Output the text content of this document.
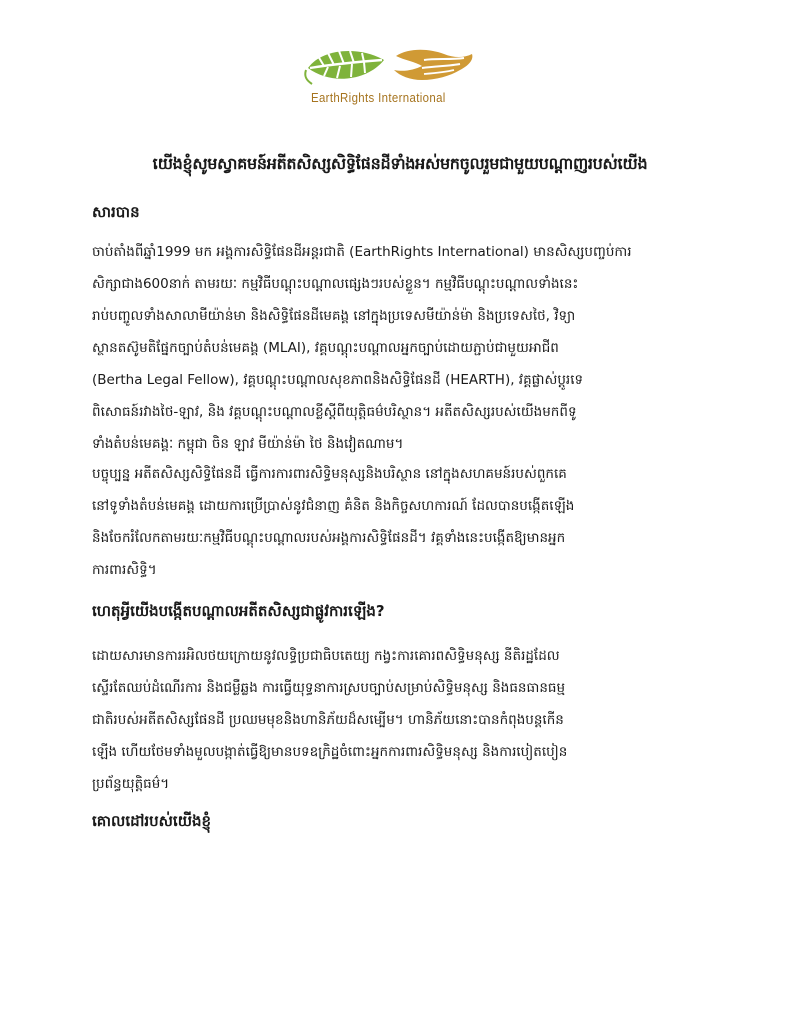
EarthRights International
យើងខ្ញុំសូមស្វាគមន៍អតីតសិស្សសិទ្ធិផែនដីទាំងអស់មកចូលរួមជាមួយបណ្តាញរបស់យើង
សារបាន
ចាប់តាំងពីឆ្នាំ1999 មក អង្គការសិទ្ធិផែនដីអន្តរជាតិ (EarthRights International) មានសិស្សបញ្ចប់ការ
សិក្សាជាង600នាក់ តាមរយៈ កម្មវិធីបណ្តុះបណ្តាលផ្សេងៗរបស់ខ្លួន។ កម្មវិធីបណ្តុះបណ្តាលទាំងនេះ
រាប់បញ្ចូលទាំងសាលាមីយ៉ាន់មា និងសិទ្ធិផែនដីមេគង្គ នៅក្នុងប្រទេសមីយ៉ាន់ម៉ា និងប្រទេសថៃ, វិទ្យា
ស្ថានតស៊ូមតិផ្នែកច្បាប់តំបន់មេគង្គ (MLAI), វគ្គបណ្តុះបណ្តាលអ្នកច្បាប់ដោយភ្ជាប់ជាមួយអាជីព
(Bertha Legal Fellow), វគ្គបណ្តុះបណ្តាលសុខភាពនិងសិទ្ធិផែនដី (HEARTH), វគ្គផ្លាស់ប្តូរទេ
ពិសោធន៍រវាងថៃ-ឡាវ, និង វគ្គបណ្តុះបណ្តាលខ្លីស្តីពីយុត្តិធម៌បរិស្ថាន។ អតីតសិស្សរបស់យើងមកពីទូ
ទាំងតំបន់មេគង្គៈ កម្ពុជា ចិន ឡាវ មីយ៉ាន់ម៉ា ថៃ និងវៀតណាម។
បច្ចុប្បន្ន អតីតសិស្សសិទ្ធិផែនដី ធ្វើការការពារសិទ្ធិមនុស្សនិងបរិស្ថាន នៅក្នុងសហគមន៍របស់ពួកគេ
នៅទូទាំងតំបន់មេគង្គ ដោយការប្រើប្រាស់នូវជំនាញ គំនិត និងកិច្ចសហការណ៍ ដែលបានបង្កើតឡើង
និងចែករំលែកតាមរយៈកម្មវិធីបណ្តុះបណ្តាលរបស់អង្គការសិទ្ធិផែនដី។ វគ្គទាំងនេះបង្កើតឱ្យមានអ្នក
ការពារសិទ្ធិ។
ហេតុអ្វីយើងបង្កើតបណ្តាលអតីតសិស្សជាផ្លូវការឡើង?
ដោយសារមានការរអិលថយក្រោយនូវលទ្ធិប្រជាធិបតេយ្យ កង្វះការគោរពសិទ្ធិមនុស្ស នីតិរដ្ឋដែល
ស្ទើរតែឈប់ដំណើរការ និងជម្លឺឆ្លង ការធ្វើយុទ្ធនាការស្របច្បាប់សម្រាប់សិទ្ធិមនុស្ស និងធនធានធម្ម
ជាតិរបស់អតីតសិស្សផែនដី ប្រឈមមុខនិងហានិភ័យដ៏សម្បើម។ ហានិភ័យនោះបានកំពុងបន្តកើន
ឡើង ហើយថែមទាំងមួលបង្កាត់ធ្វើឱ្យមានបទឧក្រិដ្ឋចំពោះអ្នកការពារសិទ្ធិមនុស្ស និងការបៀតបៀន
ប្រព័ន្ធយុត្តិធម៌។
គោលដៅរបស់យើងខ្ញុំ
